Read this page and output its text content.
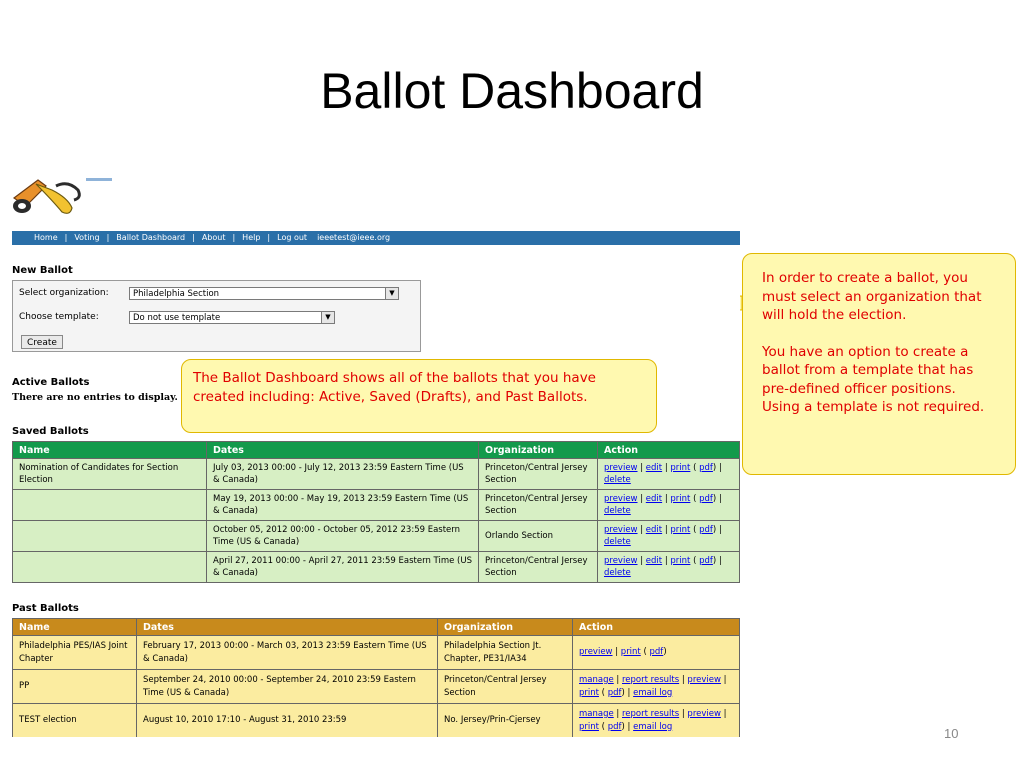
Ballot Dashboard
Home | Voting | Ballot Dashboard | About | Help | Log out ieeetest@ieee.org
New Ballot
Select organization:	Philadelphia Section	▼
Choose template:	Do not use template	▼
Create
Active Ballots
There are no entries to display.
Saved Ballots
Name	Dates	Organization	Action
Nomination of Candidates for Section Election	July 03, 2013 00:00 - July 12, 2013 23:59 Eastern Time (US & Canada)	Princeton/Central Jersey Section	preview | edit | print ( pdf) | delete
	May 19, 2013 00:00 - May 19, 2013 23:59 Eastern Time (US & Canada)	Princeton/Central Jersey Section	preview | edit | print ( pdf) | delete
	October 05, 2012 00:00 - October 05, 2012 23:59 Eastern Time (US & Canada)	Orlando Section	preview | edit | print ( pdf) | delete
	April 27, 2011 00:00 - April 27, 2011 23:59 Eastern Time (US & Canada)	Princeton/Central Jersey Section	preview | edit | print ( pdf) | delete
Past Ballots
Name	Dates	Organization	Action
Philadelphia PES/IAS Joint Chapter	February 17, 2013 00:00 - March 03, 2013 23:59 Eastern Time (US & Canada)	Philadelphia Section Jt. Chapter, PE31/IA34	preview | print ( pdf)
PP	September 24, 2010 00:00 - September 24, 2010 23:59 Eastern Time (US & Canada)	Princeton/Central Jersey Section	manage | report results | preview | print ( pdf) | email log
TEST election	August 10, 2010 17:10 - August 31, 2010 23:59	No. Jersey/Prin-Cjersey	manage | report results | preview | print ( pdf) | email log

The Ballot Dashboard shows all of the ballots that you have created including: Active, Saved (Drafts), and Past Ballots.

In order to create a ballot, you must select an organization that will hold the election.

You have an option to create a ballot from a template that has pre-defined officer positions. Using a template is not required.

10
